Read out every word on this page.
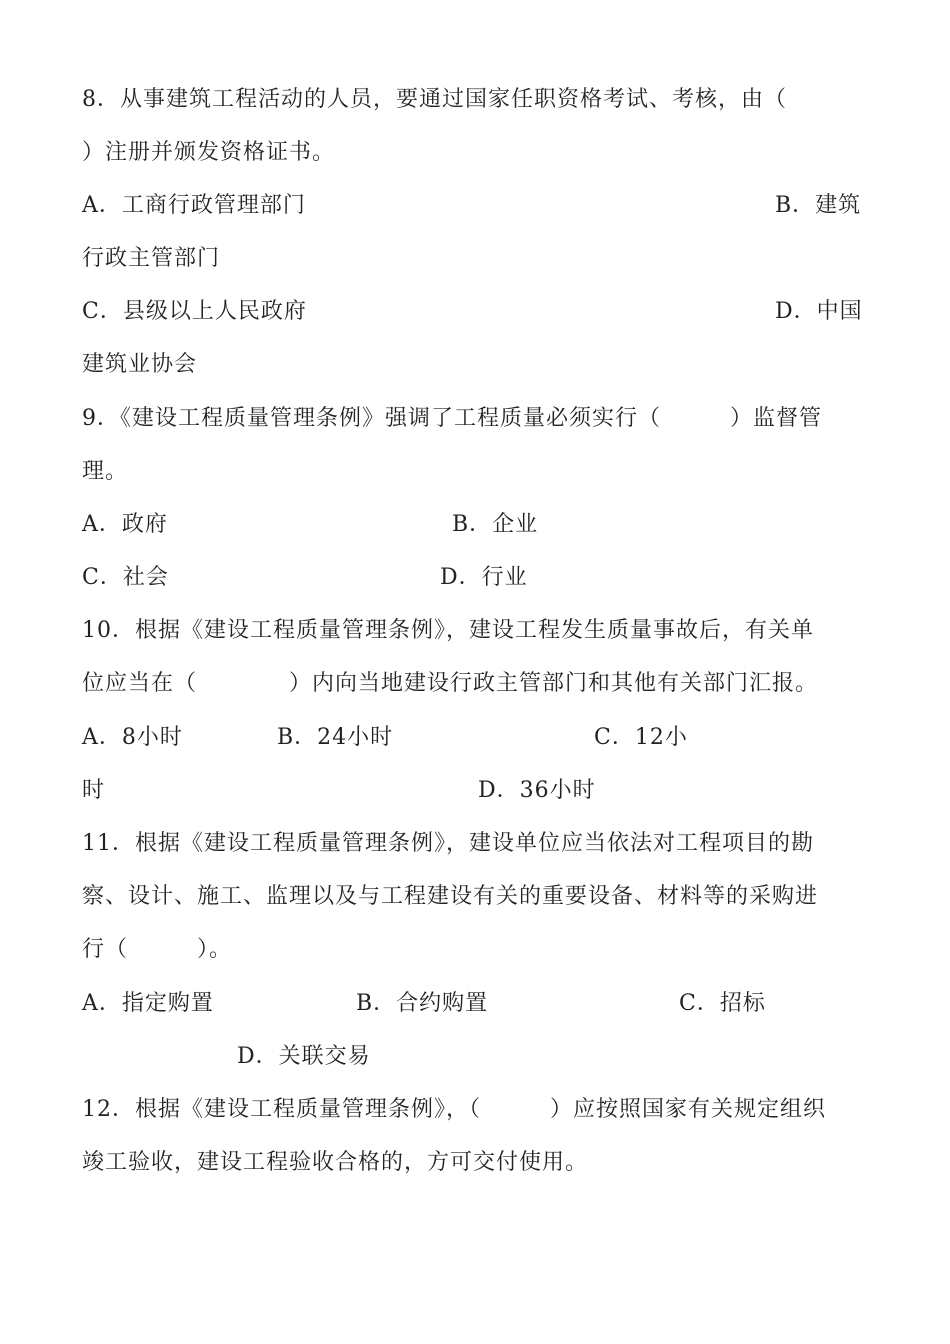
8．从事建筑工程活动的人员，要通过国家任职资格考试、考核，由（

）注册并颁发资格证书。

A．工商行政管理部门

	B．建筑

行政主管部门

C．县级以上人民政府

	D．中国

建筑业协会

9．《建设工程质量管理条例》强调了工程质量必须实行（　　　）监督管

理。

A．政府

	B．企业

C．社会

	D．行业

10．根据《建设工程质量管理条例》，建设工程发生质量事故后，有关单

位应当在（　　　　）内向当地建设行政主管部门和其他有关部门汇报。

A．8小时

	B．24小时

	C．12小

时

	D．36小时

11．根据《建设工程质量管理条例》，建设单位应当依法对工程项目的勘

察、设计、施工、监理以及与工程建设有关的重要设备、材料等的采购进

行（　　　）。

A．指定购置

	B．合约购置

	C．招标

D．关联交易

12．根据《建设工程质量管理条例》，（　　　）应按照国家有关规定组织

竣工验收，建设工程验收合格的，方可交付使用。
